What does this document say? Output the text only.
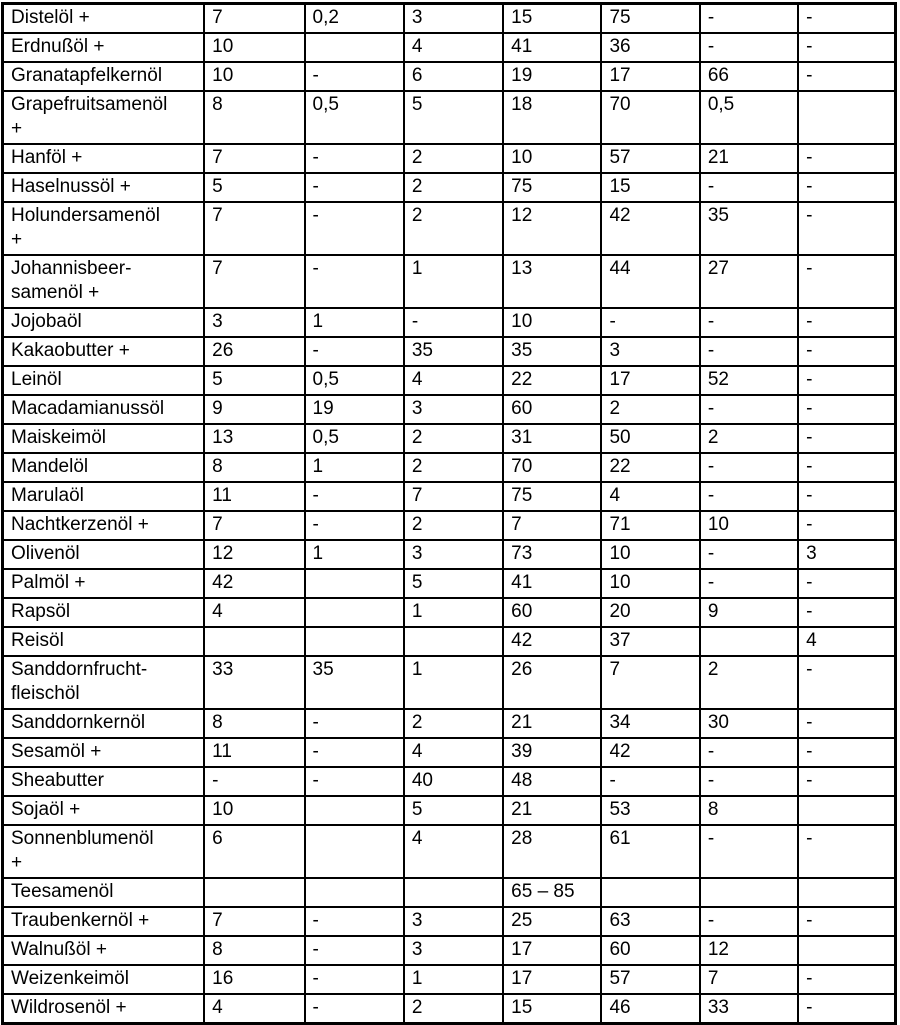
Distelöl +	7	0,2	3	15	75	-	-
Erdnußöl +	10		4	41	36	-	-
Granatapfelkernöl	10	-	6	19	17	66	-
Grapefruitsamenöl
+	8	0,5	5	18	70	0,5	
Hanföl +	7	-	2	10	57	21	-
Haselnussöl +	5	-	2	75	15	-	-
Holundersamenöl
+	7	-	2	12	42	35	-
Johannisbeer-
samenöl +	7	-	1	13	44	27	-
Jojobaöl	3	1	-	10	-	-	-
Kakaobutter +	26	-	35	35	3	-	-
Leinöl	5	0,5	4	22	17	52	-
Macadamianussöl	9	19	3	60	2	-	-
Maiskeimöl	13	0,5	2	31	50	2	-
Mandelöl	8	1	2	70	22	-	-
Marulaöl	11	-	7	75	4	-	-
Nachtkerzenöl +	7	-	2	7	71	10	-
Olivenöl	12	1	3	73	10	-	3
Palmöl +	42		5	41	10	-	-
Rapsöl	4		1	60	20	9	-
Reisöl				42	37		4
Sanddornfrucht-
fleischöl	33	35	1	26	7	2	-
Sanddornkernöl	8	-	2	21	34	30	-
Sesamöl +	11	-	4	39	42	-	-
Sheabutter	-	-	40	48	-	-	-
Sojaöl +	10		5	21	53	8	
Sonnenblumenöl
+	6		4	28	61	-	-
Teesamenöl				65 – 85			
Traubenkernöl +	7	-	3	25	63	-	-
Walnußöl +	8	-	3	17	60	12	
Weizenkeimöl	16	-	1	17	57	7	-
Wildrosenöl +	4	-	2	15	46	33	-
